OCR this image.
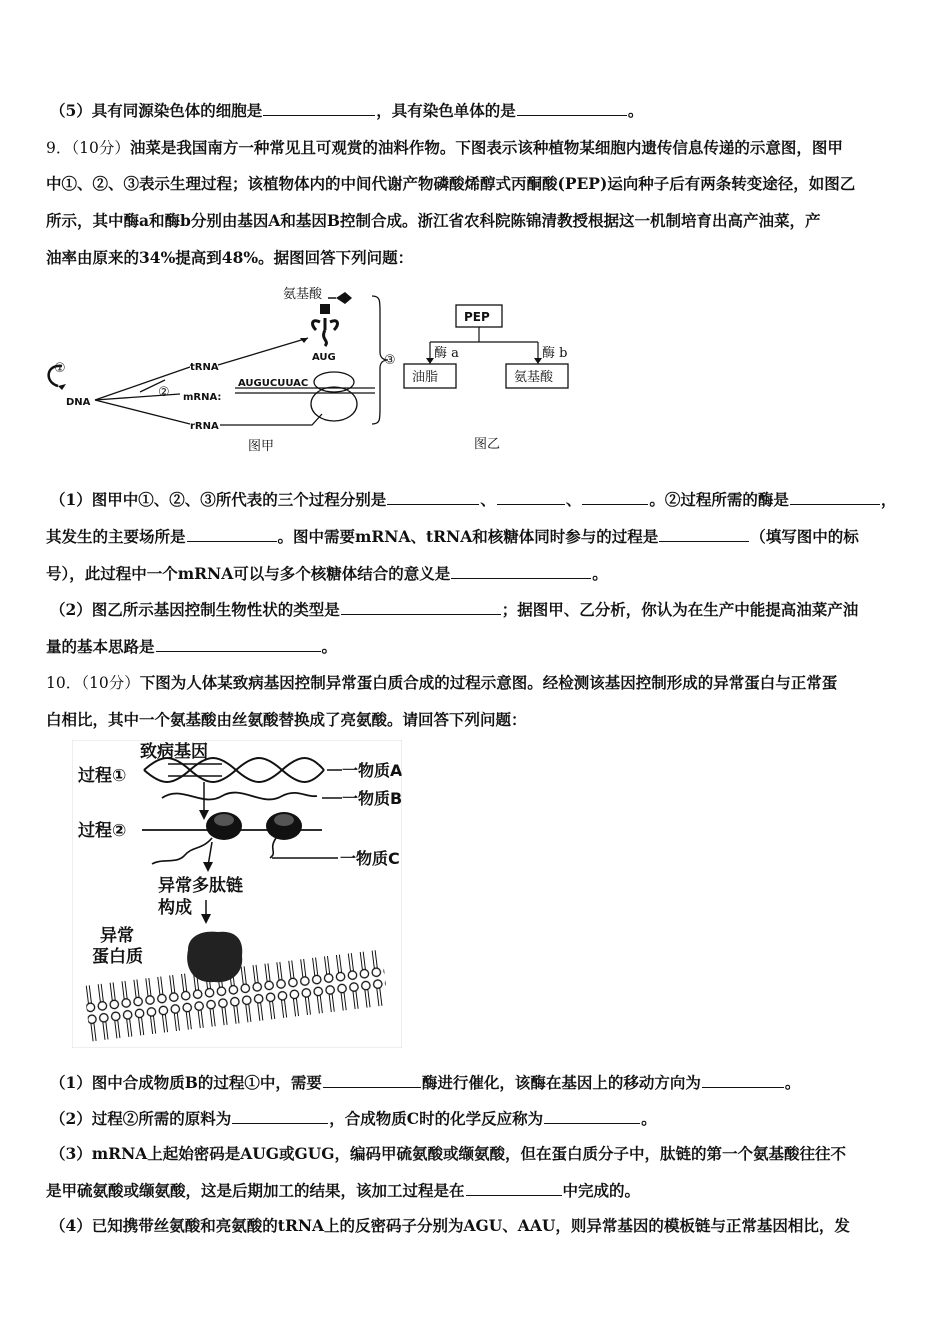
（5）具有同源染色体的细胞是	，具有染色单体的是	。
9．（10分）油菜是我国南方一种常见且可观赏的油料作物。下图表示该种植物某细胞内遗传信息传递的示意图，图甲
中①、②、③表示生理过程；该植物体内的中间代谢产物磷酸烯醇式丙酮酸(PEP)运向种子后有两条转变途径，如图乙
所示，其中酶a和酶b分别由基因A和基因B控制合成。浙江省农科院陈锦清教授根据这一机制培育出高产油菜，产
油率由原来的34%提高到48%。据图回答下列问题：
氨基酸
AUG	③
①
DNA
②
tRNA
mRNA:
rRNA
AUGUCUUAC
图甲
PEP
酶 a	酶 b
油脂	氨基酸
图乙
（1）图甲中①、②、③所代表的三个过程分别是	、	、	。②过程所需的酶是	，
其发生的主要场所是	。图中需要mRNA、tRNA和核糖体同时参与的过程是	（填写图中的标
号），此过程中一个mRNA可以与多个核糖体结合的意义是	。
（2）图乙所示基因控制生物性状的类型是	；据图甲、乙分析，你认为在生产中能提高油菜产油
量的基本思路是	。
10．（10分）下图为人体某致病基因控制异常蛋白质合成的过程示意图。经检测该基因控制形成的异常蛋白与正常蛋
白相比，其中一个氨基酸由丝氨酸替换成了亮氨酸。请回答下列问题：
致病基因
过程①	一物质A
一物质B
过程②
一物质C
异常多肽链
构成
异常
蛋白质
（1）图中合成物质B的过程①中，需要	酶进行催化，该酶在基因上的移动方向为	。
（2）过程②所需的原料为	，合成物质C时的化学反应称为	。
（3）mRNA上起始密码是AUG或GUG，编码甲硫氨酸或缬氨酸，但在蛋白质分子中，肽链的第一个氨基酸往往不
是甲硫氨酸或缬氨酸，这是后期加工的结果，该加工过程是在	中完成的。
（4）已知携带丝氨酸和亮氨酸的tRNA上的反密码子分别为AGU、AAU，则异常基因的模板链与正常基因相比，发
